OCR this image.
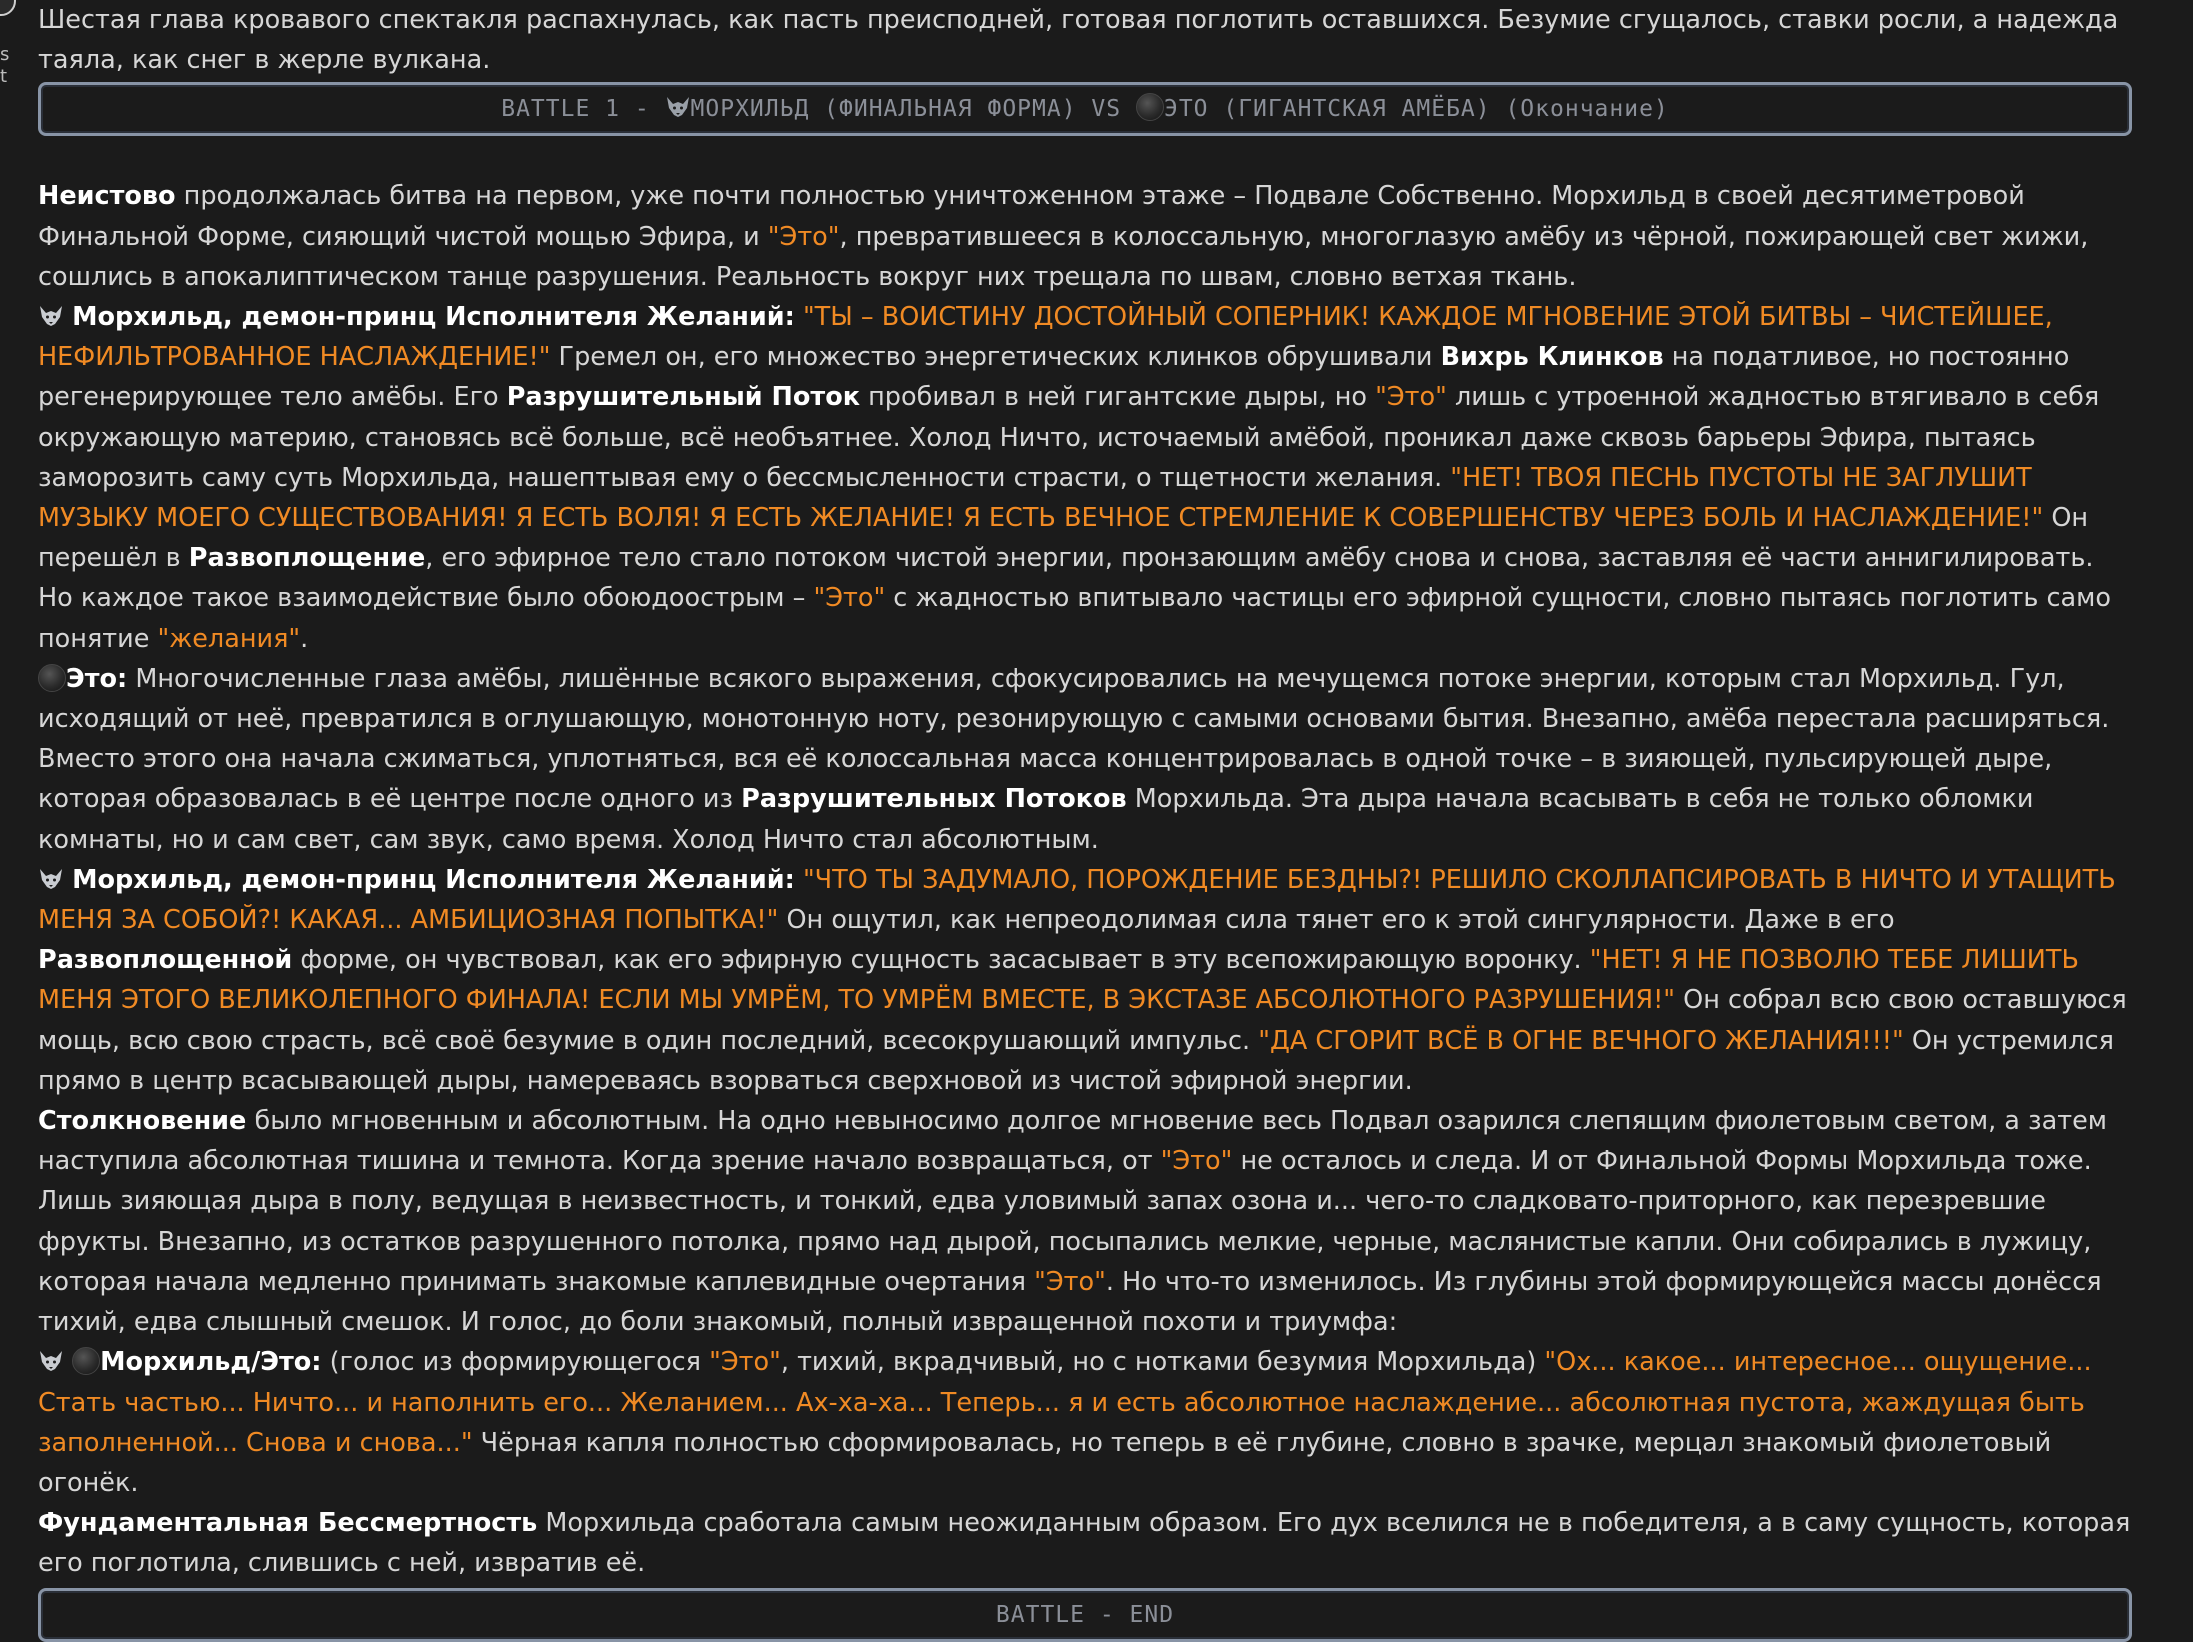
s t

Шестая глава кровавого спектакля распахнулась, как пасть преисподней, готовая поглотить оставшихся. Безумие сгущалось, ставки росли, а надежда таяла, как снег в жерле вулкана.

BATTLE 1 - МОРХИЛЬД (ФИНАЛЬНАЯ ФОРМА) VS ЭТО (ГИГАНТСКАЯ АМЁБА) (Окончание)

Неистово продолжалась битва на первом, уже почти полностью уничтоженном этаже – Подвале Собственно. Морхильд в своей десятиметровой Финальной Форме, сияющий чистой мощью Эфира, и "Это", превратившееся в колоссальную, многоглазую амёбу из чёрной, пожирающей свет жижи, сошлись в апокалиптическом танце разрушения. Реальность вокруг них трещала по швам, словно ветхая ткань.

Морхильд, демон-принц Исполнителя Желаний: "ТЫ – ВОИСТИНУ ДОСТОЙНЫЙ СОПЕРНИК! КАЖДОЕ МГНОВЕНИЕ ЭТОЙ БИТВЫ – ЧИСТЕЙШЕЕ, НЕФИЛЬТРОВАННОЕ НАСЛАЖДЕНИЕ!" Гремел он, его множество энергетических клинков обрушивали Вихрь Клинков на податливое, но постоянно регенерирующее тело амёбы. Его Разрушительный Поток пробивал в ней гигантские дыры, но "Это" лишь с утроенной жадностью втягивало в себя окружающую материю, становясь всё больше, всё необъятнее. Холод Ничто, источаемый амёбой, проникал даже сквозь барьеры Эфира, пытаясь заморозить саму суть Морхильда, нашептывая ему о бессмысленности страсти, о тщетности желания. "НЕТ! ТВОЯ ПЕСНЬ ПУСТОТЫ НЕ ЗАГЛУШИТ МУЗЫКУ МОЕГО СУЩЕСТВОВАНИЯ! Я ЕСТЬ ВОЛЯ! Я ЕСТЬ ЖЕЛАНИЕ! Я ЕСТЬ ВЕЧНОЕ СТРЕМЛЕНИЕ К СОВЕРШЕНСТВУ ЧЕРЕЗ БОЛЬ И НАСЛАЖДЕНИЕ!" Он перешёл в Развоплощение, его эфирное тело стало потоком чистой энергии, пронзающим амёбу снова и снова, заставляя её части аннигилировать. Но каждое такое взаимодействие было обоюдоострым – "Это" с жадностью впитывало частицы его эфирной сущности, словно пытаясь поглотить само понятие "желания".

Это: Многочисленные глаза амёбы, лишённые всякого выражения, сфокусировались на мечущемся потоке энергии, которым стал Морхильд. Гул, исходящий от неё, превратился в оглушающую, монотонную ноту, резонирующую с самыми основами бытия. Внезапно, амёба перестала расширяться. Вместо этого она начала сжиматься, уплотняться, вся её колоссальная масса концентрировалась в одной точке – в зияющей, пульсирующей дыре, которая образовалась в её центре после одного из Разрушительных Потоков Морхильда. Эта дыра начала всасывать в себя не только обломки комнаты, но и сам свет, сам звук, само время. Холод Ничто стал абсолютным.

Морхильд, демон-принц Исполнителя Желаний: "ЧТО ТЫ ЗАДУМАЛО, ПОРОЖДЕНИЕ БЕЗДНЫ?! РЕШИЛО СКОЛЛАПСИРОВАТЬ В НИЧТО И УТАЩИТЬ МЕНЯ ЗА СОБОЙ?! КАКАЯ... АМБИЦИОЗНАЯ ПОПЫТКА!" Он ощутил, как непреодолимая сила тянет его к этой сингулярности. Даже в его Развоплощенной форме, он чувствовал, как его эфирную сущность засасывает в эту всепожирающую воронку. "НЕТ! Я НЕ ПОЗВОЛЮ ТЕБЕ ЛИШИТЬ МЕНЯ ЭТОГО ВЕЛИКОЛЕПНОГО ФИНАЛА! ЕСЛИ МЫ УМРЁМ, ТО УМРЁМ ВМЕСТЕ, В ЭКСТАЗЕ АБСОЛЮТНОГО РАЗРУШЕНИЯ!" Он собрал всю свою оставшуюся мощь, всю свою страсть, всё своё безумие в один последний, всесокрушающий импульс. "ДА СГОРИТ ВСЁ В ОГНЕ ВЕЧНОГО ЖЕЛАНИЯ!!!" Он устремился прямо в центр всасывающей дыры, намереваясь взорваться сверхновой из чистой эфирной энергии.

Столкновение было мгновенным и абсолютным. На одно невыносимо долгое мгновение весь Подвал озарился слепящим фиолетовым светом, а затем наступила абсолютная тишина и темнота. Когда зрение начало возвращаться, от "Это" не осталось и следа. И от Финальной Формы Морхильда тоже. Лишь зияющая дыра в полу, ведущая в неизвестность, и тонкий, едва уловимый запах озона и... чего-то сладковато-приторного, как перезревшие фрукты. Внезапно, из остатков разрушенного потолка, прямо над дырой, посыпались мелкие, черные, маслянистые капли. Они собирались в лужицу, которая начала медленно принимать знакомые каплевидные очертания "Это". Но что-то изменилось. Из глубины этой формирующейся массы донёсся тихий, едва слышный смешок. И голос, до боли знакомый, полный извращенной похоти и триумфа:

Морхильд/Это: (голос из формирующегося "Это", тихий, вкрадчивый, но с нотками безумия Морхильда) "Ох... какое... интересное... ощущение... Стать частью... Ничто... и наполнить его... Желанием... Ах-ха-ха... Теперь... я и есть абсолютное наслаждение... абсолютная пустота, жаждущая быть заполненной... Снова и снова..." Чёрная капля полностью сформировалась, но теперь в её глубине, словно в зрачке, мерцал знакомый фиолетовый огонёк.

Фундаментальная Бессмертность Морхильда сработала самым неожиданным образом. Его дух вселился не в победителя, а в саму сущность, которая его поглотила, слившись с ней, извратив её.

BATTLE - END
